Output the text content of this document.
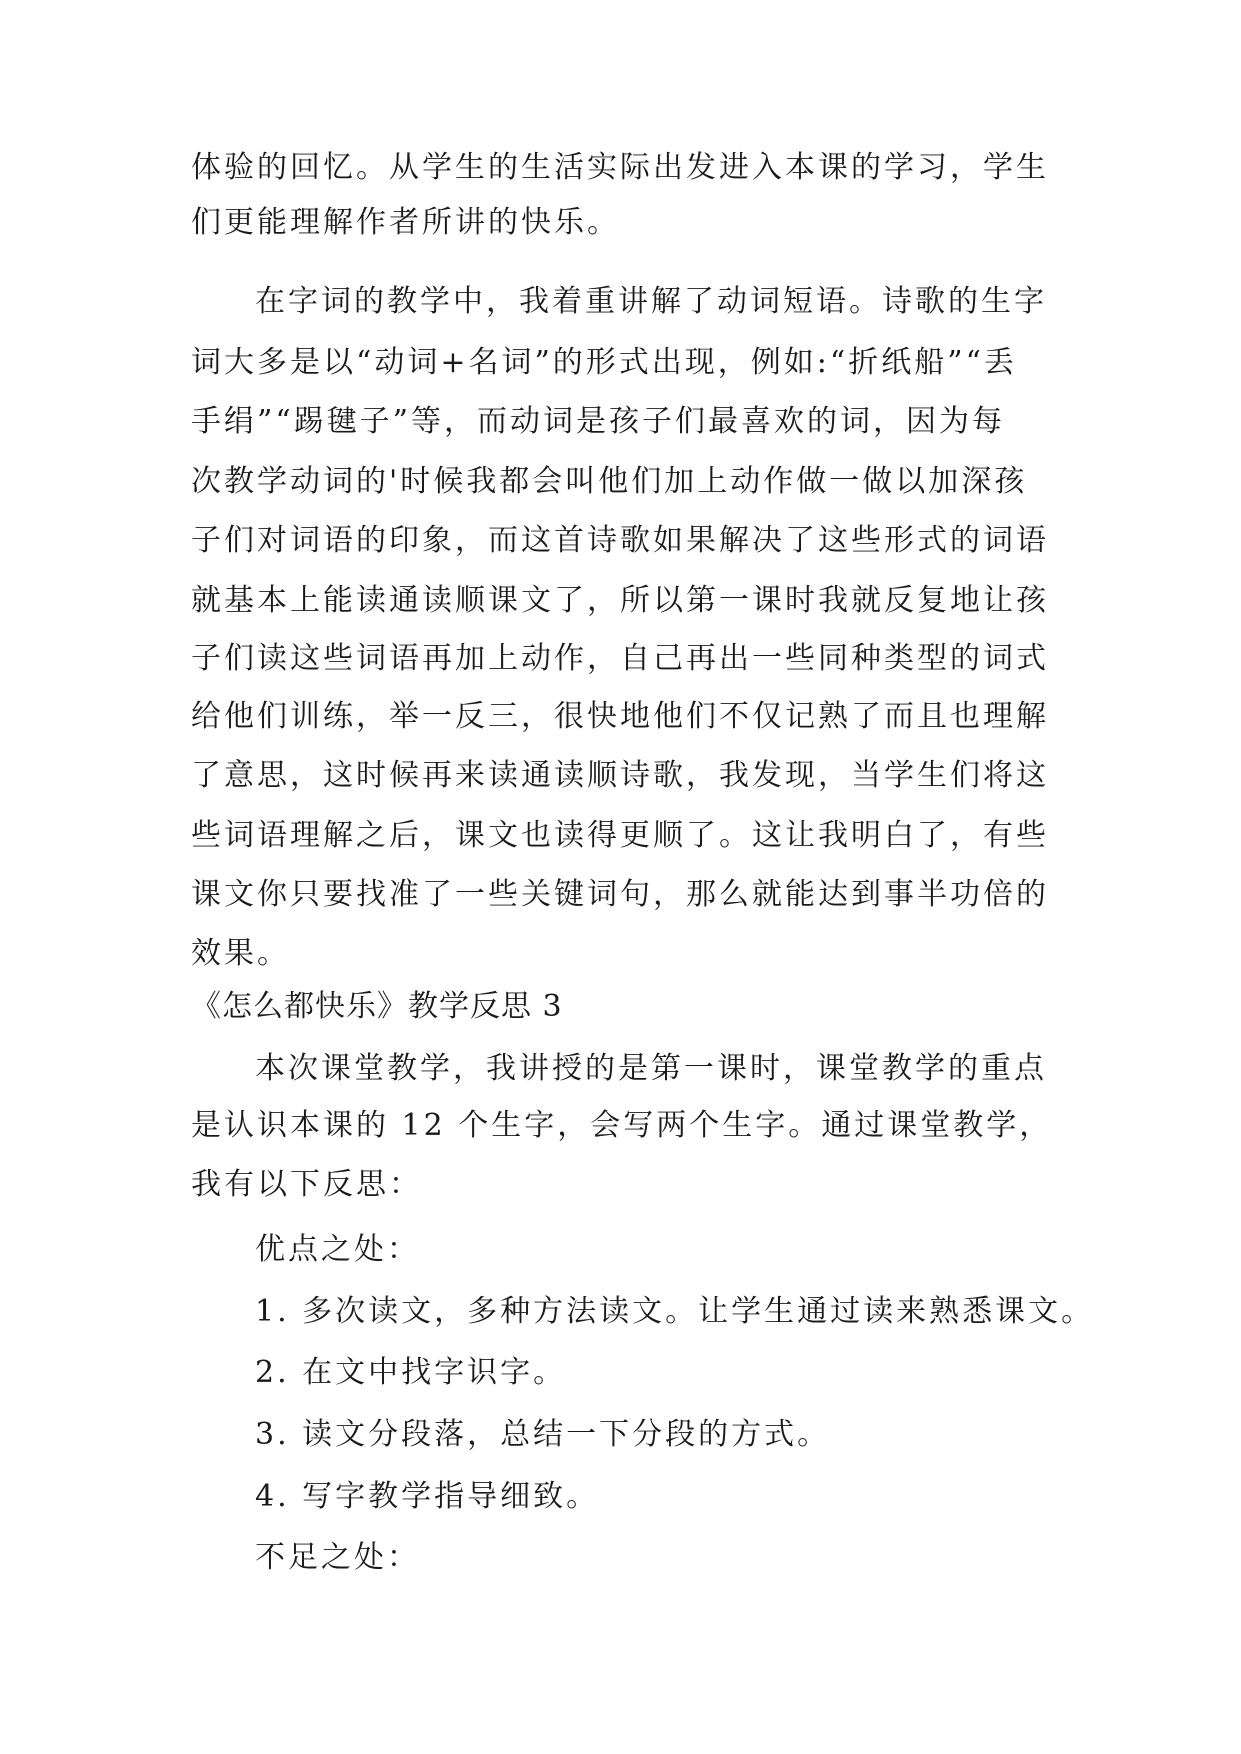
体验的回忆。从学生的生活实际出发进入本课的学习，学生
们更能理解作者所讲的快乐。
在字词的教学中，我着重讲解了动词短语。诗歌的生字
词大多是以“动词+名词”的形式出现，例如:“折纸船”“丢
手绢”“踢毽子”等，而动词是孩子们最喜欢的词，因为每
次教学动词的'时候我都会叫他们加上动作做一做以加深孩
子们对词语的印象，而这首诗歌如果解决了这些形式的词语
就基本上能读通读顺课文了，所以第一课时我就反复地让孩
子们读这些词语再加上动作，自己再出一些同种类型的词式
给他们训练，举一反三，很快地他们不仅记熟了而且也理解
了意思，这时候再来读通读顺诗歌，我发现，当学生们将这
些词语理解之后，课文也读得更顺了。这让我明白了，有些
课文你只要找准了一些关键词句，那么就能达到事半功倍的
效果。
《怎么都快乐》教学反思 3
本次课堂教学，我讲授的是第一课时，课堂教学的重点
是认识本课的 12 个生字，会写两个生字。通过课堂教学，
我有以下反思：
优点之处：
1. 多次读文，多种方法读文。让学生通过读来熟悉课文。
2. 在文中找字识字。
3. 读文分段落，总结一下分段的方式。
4. 写字教学指导细致。
不足之处：
